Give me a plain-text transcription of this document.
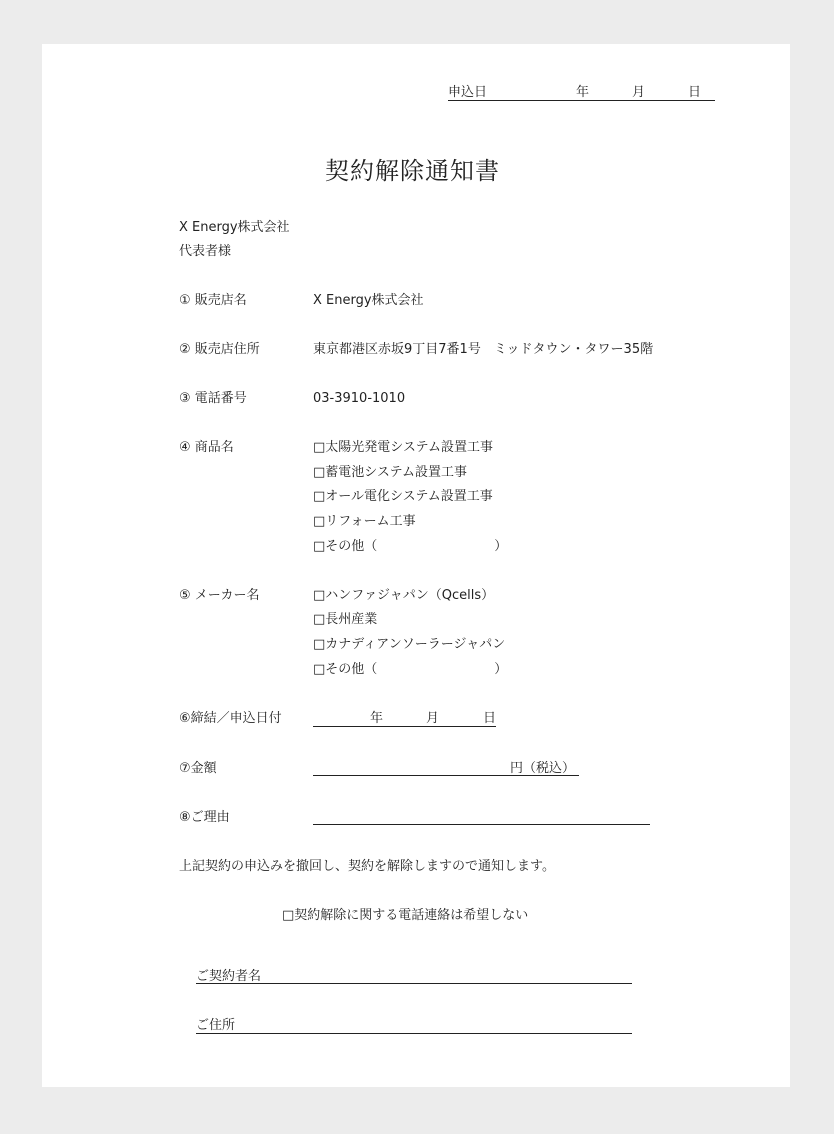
申込日	年	月	日
契約解除通知書
X Energy株式会社
代表者様
① 販売店名	X Energy株式会社
② 販売店住所	東京都港区赤坂9丁目7番1号　ミッドタウン・タワー35階
③ 電話番号	03-3910-1010
④ 商品名	□太陽光発電システム設置工事
□蓄電池システム設置工事
□オール電化システム設置工事
□リフォーム工事
□その他（　　　　　　　　　）
⑤ メーカー名	□ハンファジャパン（Qcells）
□長州産業
□カナディアンソーラージャパン
□その他（　　　　　　　　　）
⑥締結／申込日付	年	月	日
⑦金額	円（税込）
⑧ご理由
上記契約の申込みを撤回し、契約を解除しますので通知します。
□契約解除に関する電話連絡は希望しない
ご契約者名
ご住所
